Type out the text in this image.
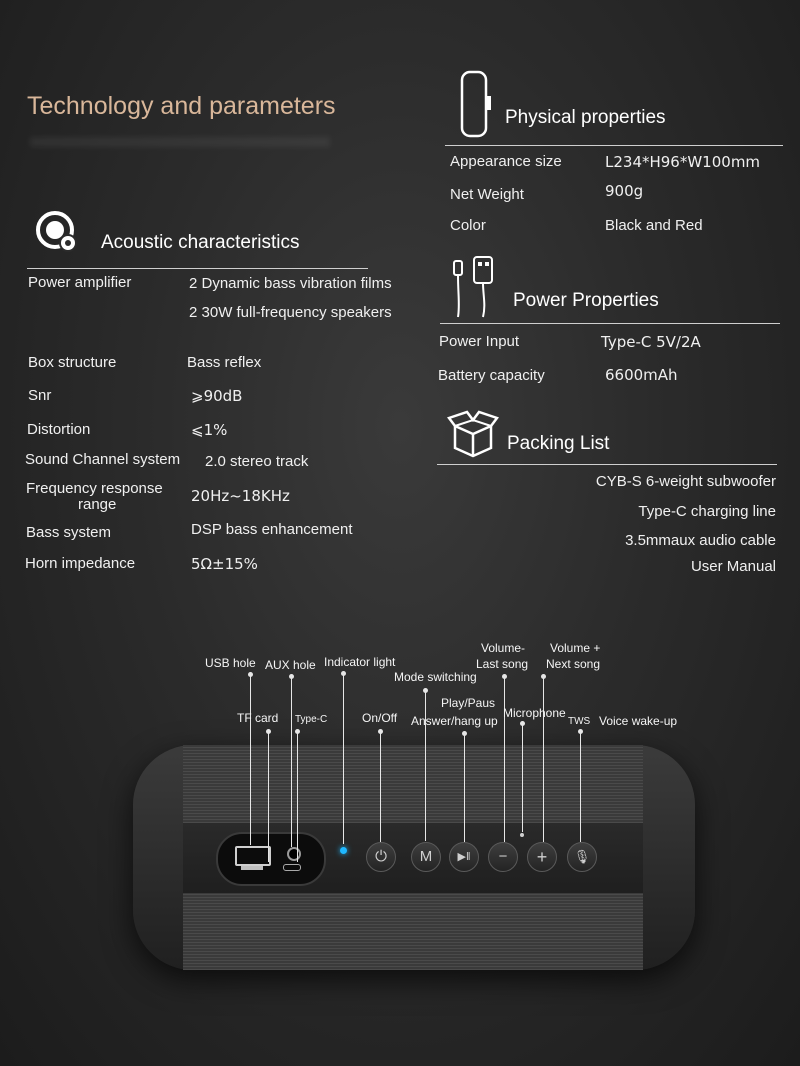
Technology and parameters
Acoustic characteristics
Power amplifier	2 Dynamic bass vibration films
2 30W full-frequency speakers
Box structure	Bass reflex
Snr	⩾90dB
Distortion	⩽1%
Sound Channel system 2.0 stereo track
Frequency response
range	20Hz~18KHz
Bass system	DSP bass enhancement
Horn impedance	5Ω±15%
Physical properties
Appearance size	L234*H96*W100mm
Net Weight	900g
Color	Black and Red
Power Properties
Power Input	Type-C 5V/2A
Battery capacity	6600mAh
Packing List
CYB-S 6-weight subwoofer
Type-C charging line
3.5mmaux audio cable
User Manual
⏻	M	▶‖	−	+	🎙
USB hole AUX hole Indicator light
Mode switching
Volume-
Last song
Volume +
Next song
Play/Paus
Answer/hang up
Microphone
TF card Type-C	On/Off	TWS Voice wake-up
